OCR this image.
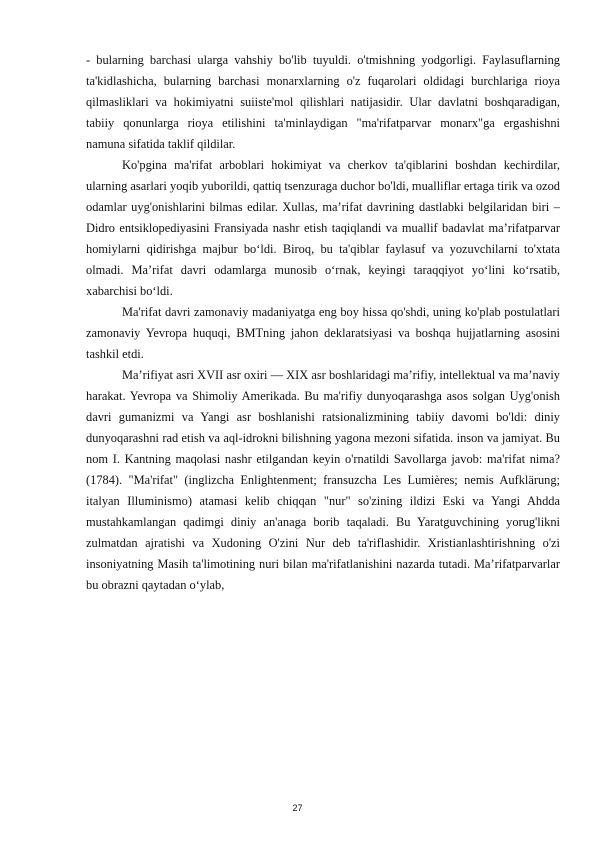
- bularning barchasi ularga vahshiy bo'lib tuyuldi. o'tmishning yodgorligi. Faylasuflarning ta'kidlashicha, bularning barchasi monarxlarning o'z fuqarolari oldidagi burchlariga rioya qilmasliklari va hokimiyatni suiiste'mol qilishlari natijasidir. Ular davlatni boshqaradigan, tabiiy qonunlarga rioya etilishini ta'minlaydigan "ma'rifatparvar monarx"ga ergashishni namuna sifatida taklif qildilar.

Ko'pgina ma'rifat arboblari hokimiyat va cherkov ta'qiblarini boshdan kechirdilar, ularning asarlari yoqib yuborildi, qattiq tsenzuraga duchor bo'ldi, mualliflar ertaga tirik va ozod odamlar uyg'onishlarini bilmas edilar. Xullas, ma’rifat davrining dastlabki belgilaridan biri – Didro entsiklopediyasini Fransiyada nashr etish taqiqlandi va muallif badavlat ma’rifatparvar homiylarni qidirishga majbur bo‘ldi. Biroq, bu ta'qiblar faylasuf va yozuvchilarni to'xtata olmadi. Ma’rifat davri odamlarga munosib o‘rnak, keyingi taraqqiyot yo‘lini ko‘rsatib, xabarchisi bo‘ldi.

Ma'rifat davri zamonaviy madaniyatga eng boy hissa qo'shdi, uning ko'plab postulatlari zamonaviy Yevropa huquqi, BMTning jahon deklaratsiyasi va boshqa hujjatlarning asosini tashkil etdi.

Ma’rifiyat asri XVII asr oxiri — XIX asr boshlaridagi maʼrifiy, intellektual va maʼnaviy harakat. Yevropa va Shimoliy Amerikada. Bu ma'rifiy dunyoqarashga asos solgan Uyg'onish davri gumanizmi va Yangi asr boshlanishi ratsionalizmining tabiiy davomi bo'ldi: diniy dunyoqarashni rad etish va aql-idrokni bilishning yagona mezoni sifatida. inson va jamiyat. Bu nom I. Kantning maqolasi nashr etilgandan keyin o'rnatildi Savollarga javob: ma'rifat nima?(1784). "Ma'rifat" (inglizcha Enlightenment; fransuzcha Les Lumières; nemis Aufklärung; italyan Illuminismo) atamasi kelib chiqqan "nur" so'zining ildizi Eski va Yangi Ahdda mustahkamlangan qadimgi diniy an'anaga borib taqaladi. Bu Yaratguvchining yorug'likni zulmatdan ajratishi va Xudoning O'zini Nur deb ta'riflashidir. Xristianlashtirishning o'zi insoniyatning Masih ta'limotining nuri bilan ma'rifatlanishini nazarda tutadi. Ma’rifatparvarlar bu obrazni qaytadan o‘ylab,

27
